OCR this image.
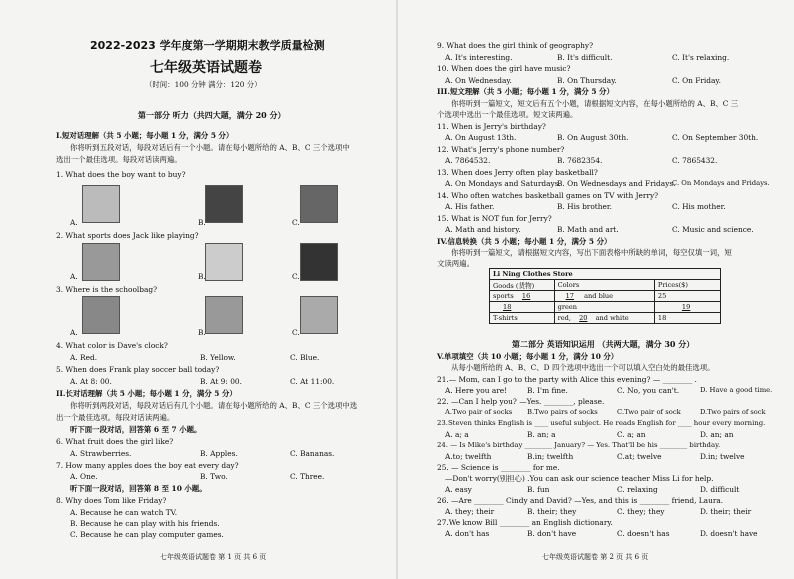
2022-2023 学年度第一学期期末教学质量检测
七年级英语试题卷
（时间：100 分钟 满分：120 分）
第一部分 听力（共四大题，满分 20 分）
I.短对话理解（共 5 小题；每小题 1 分，满分 5 分）
你将听到五段对话，每段对话后有一个小题。请在每小题所给的 A、B、C 三个选项中
选出一个最佳选项。每段对话读两遍。
1. What does the boy want to buy?
A.	B.	C.
2. What sports does Jack like playing?
A.	B.	C.
3. Where is the schoolbag?
A.	B.	C.
4. What color is Dave's clock?
A. Red.	B. Yellow.	C. Blue.
5. When does Frank play soccer ball today?
A. At 8: 00.	B. At 9: 00.	C. At 11:00.
II.长对话理解（共 5 小题；每小题 1 分，满分 5 分）
你将听到两段对话，每段对话后有几个小题。请在每小题所给的 A、B、C 三个选项中选
出一个最佳选项。每段对话读两遍。
听下面一段对话，回答第 6 至 7 小题。
6. What fruit does the girl like?
A. Strawberries.	B. Apples.	C. Bananas.
7. How many apples does the boy eat every day?
A. One.	B. Two.	C. Three.
听下面一段对话，回答第 8 至 10 小题。
8. Why does Tom like Friday?
A. Because he can watch TV.
B. Because he can play with his friends.
C. Because he can play computer games.
七年级英语试题卷 第 1 页 共 6 页
9. What does the girl think of geography?
A. It's interesting.	B. It's difficult.	C. It's relaxing.
10. When does the girl have music?
A. On Wednesday.	B. On Thursday.	C. On Friday.
III.短文理解（共 5 小题；每小题 1 分，满分 5 分）
你将听到一篇短文，短文后有五个小题，请根据短文内容，在每小题所给的 A、B、C 三
个选项中选出一个最佳选项。短文读两遍。
11. When is Jerry's birthday?
A. On August 13th.	B. On August 30th.	C. On September 30th.
12. What's Jerry's phone number?
A. 7864532.	B. 7682354.	C. 7865432.
13. When does Jerry often play basketball?
A. On Mondays and Saturdays.
B. On Wednesdays and Fridays.
C. On Mondays and Fridays.
14. Who often watches basketball games on TV with Jerry?
A. His father.	B. His brother.	C. His mother.
15. What is NOT fun for Jerry?
A. Math and history.	B. Math and art.	C. Music and science.
IV.信息转换（共 5 小题；每小题 1 分，满分 5 分）
你将听到一篇短文，请根据短文内容，写出下面表格中所缺的单词，每空仅填一词，短
文读两遍。
Li Ning Clothes Store		
Goods (货物)	Colors	Prices($)
sports 16	17 and blue	25
18	green	19
T-shirts	red, 20 and white	18
第二部分 英语知识运用 （共两大题，满分 30 分）
V.单项填空（共 10 小题；每小题 1 分，满分 10 分）
从每小题所给的 A、B、C、D 四个选项中选出一个可以填入空白处的最佳选项。
21.— Mom, can I go to the party with Alice this evening? — ________ .
A. Here you are!	B. I'm fine.	C. No, you can't.	D. Have a good time.
22. —Can I help you? —Yes. ________, please.
A.Two pair of socks B.Two pairs of socks	C.Two pair of sock	D.Two pairs of sock
23.Steven thinks English is ____ useful subject. He reads English for ____ hour every morning.
A. a; a	B. an; a	C. a; an	D. an; an
24. — Is Mike's birthday ________ January? — Yes. That'll be his ________ birthday.
A.to; twelfth	B.in; twelfth	C.at; twelve	D.in; twelve
25. — Science is ________ for me.
—Don't worry(别担心) .You can ask our science teacher Miss Li for help.
A. easy	B. fun	C. relaxing	D. difficult
26. —Are ________ Cindy and David? —Yes, and this is ________ friend, Laura.
A. they; their	B. their; they	C. they; they	D. their; their
27.We know Bill ________ an English dictionary.
A. don't has	B. don't have	C. doesn't has	D. doesn't have
七年级英语试题卷 第 2 页 共 6 页
